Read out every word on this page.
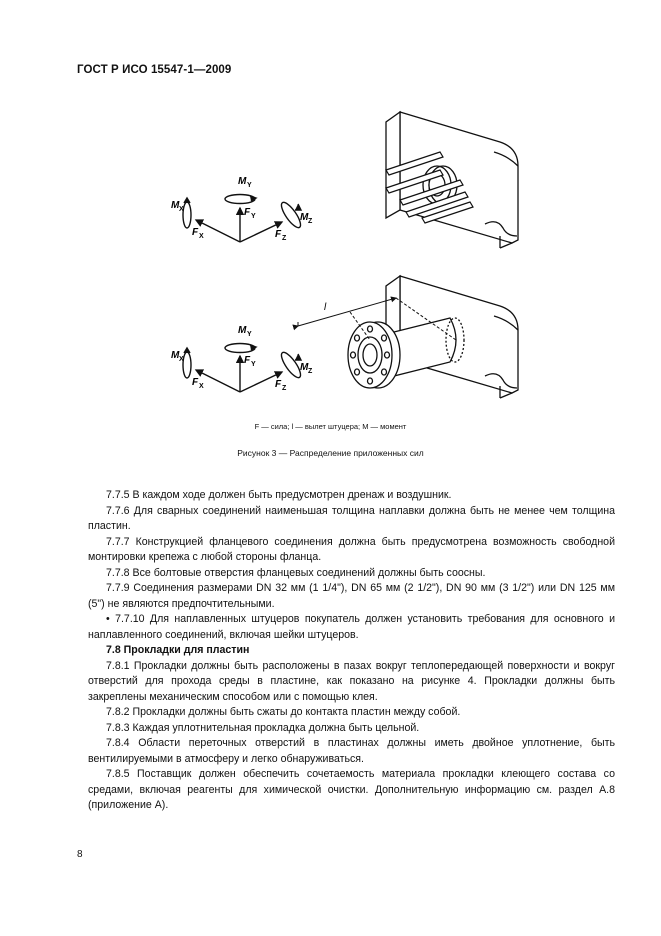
ГОСТ Р ИСО 15547-1—2009
M Y
F Y
M X
F X	F Z
M Z
M Y
F Y
M X
F X	F Z
M Z
l
F — сила; l — вылет штуцера; M — момент
Рисунок 3 — Распределение приложенных сил

7.7.5 В каждом ходе должен быть предусмотрен дренаж и воздушник.

7.7.6 Для сварных соединений наименьшая толщина наплавки должна быть не менее чем толщина пластин.

7.7.7 Конструкцией фланцевого соединения должна быть предусмотрена возможность свободной монтировки крепежа с любой стороны фланца.

7.7.8 Все болтовые отверстия фланцевых соединений должны быть соосны.

7.7.9 Соединения размерами DN 32 мм (1 1/4"), DN 65 мм (2 1/2"), DN 90 мм (3 1/2") или DN 125 мм (5") не являются предпочтительными.

• 7.7.10 Для наплавленных штуцеров покупатель должен установить требования для основного и наплавленного соединений, включая шейки штуцеров.

7.8 Прокладки для пластин

7.8.1 Прокладки должны быть расположены в пазах вокруг теплопередающей поверхности и вокруг отверстий для прохода среды в пластине, как показано на рисунке 4. Прокладки должны быть закреплены механическим способом или с помощью клея.

7.8.2 Прокладки должны быть сжаты до контакта пластин между собой.

7.8.3 Каждая уплотнительная прокладка должна быть цельной.

7.8.4 Области переточных отверстий в пластинах должны иметь двойное уплотнение, быть вентилируемыми в атмосферу и легко обнаруживаться.

7.8.5 Поставщик должен обеспечить сочетаемость материала прокладки клеющего состава со средами, включая реагенты для химической очистки. Дополнительную информацию см. раздел А.8 (приложение А).

8
